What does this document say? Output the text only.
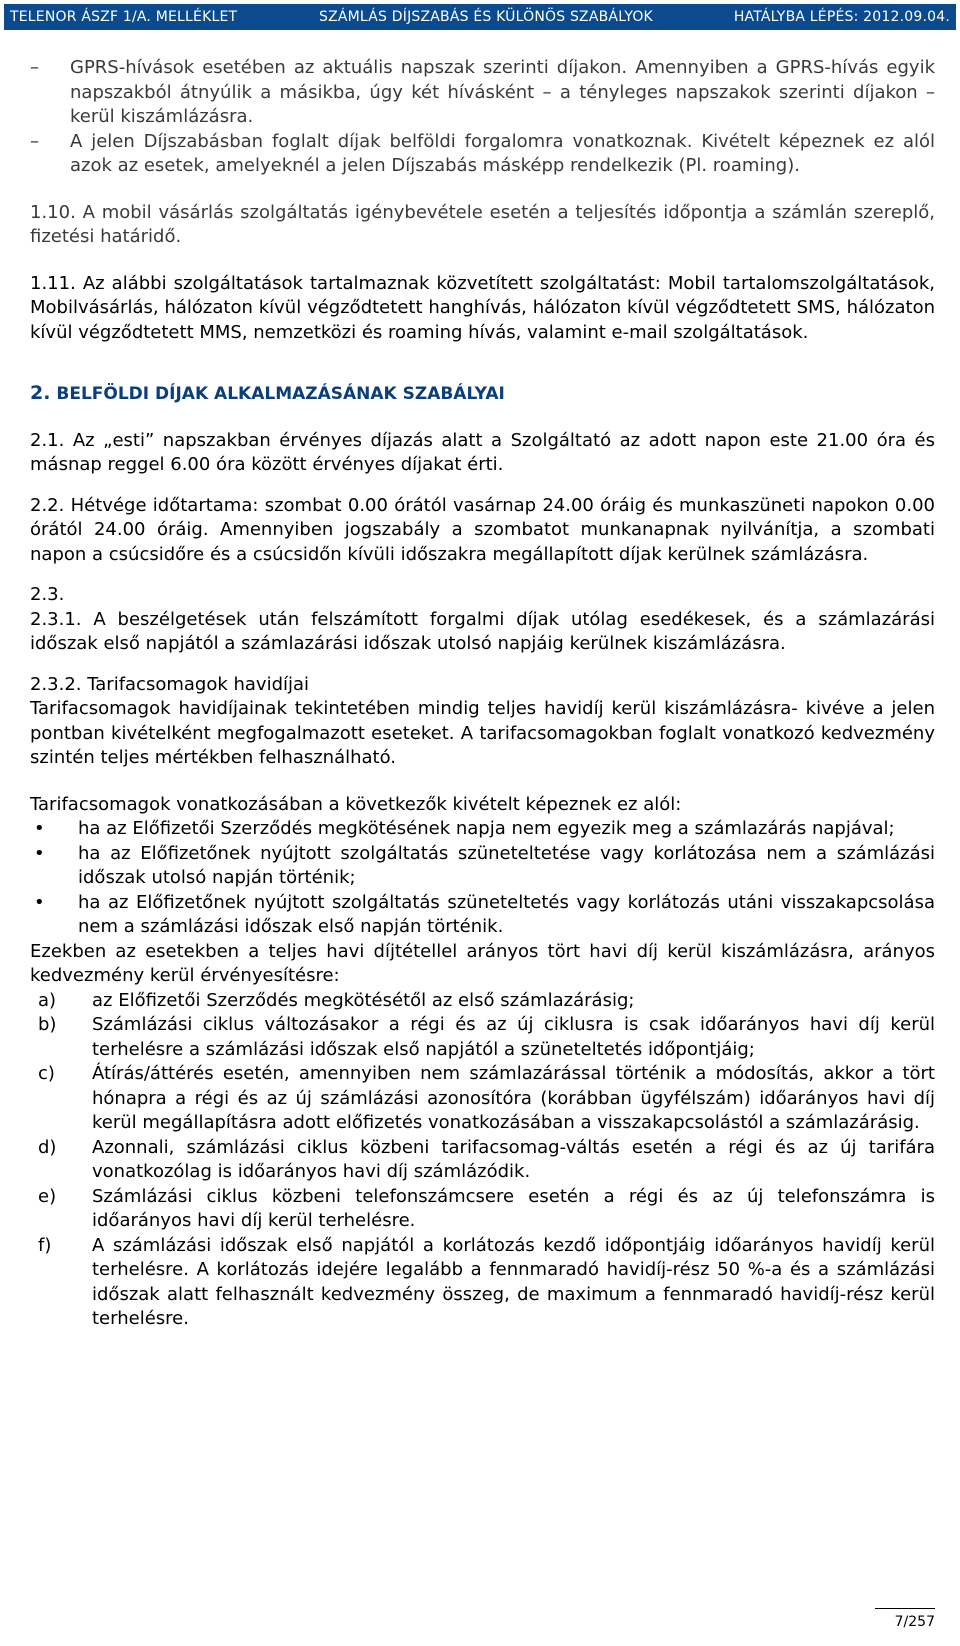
TELENOR ÁSZF 1/A. MELLÉKLET	SZÁMLÁS DÍJSZABÁS ÉS KÜLÖNÖS SZABÁLYOK	HATÁLYBA LÉPÉS: 2012.09.04.
– GPRS-hívások esetében az aktuális napszak szerinti díjakon. Amennyiben a GPRS-hívás egyik napszakból átnyúlik a másikba, úgy két hívásként – a tényleges napszakok szerinti díjakon – kerül kiszámlázásra.
– A jelen Díjszabásban foglalt díjak belföldi forgalomra vonatkoznak. Kivételt képeznek ez alól azok az esetek, amelyeknél a jelen Díjszabás másképp rendelkezik (Pl. roaming).
1.10. A mobil vásárlás szolgáltatás igénybevétele esetén a teljesítés időpontja a számlán szereplő, fizetési határidő.
1.11. Az alábbi szolgáltatások tartalmaznak közvetített szolgáltatást: Mobil tartalomszolgáltatások, Mobilvásárlás, hálózaton kívül végződtetett hanghívás, hálózaton kívül végződtetett SMS, hálózaton kívül végződtetett MMS, nemzetközi és roaming hívás, valamint e-mail szolgáltatások.
2. BELFÖLDI DÍJAK ALKALMAZÁSÁNAK SZABÁLYAI
2.1. Az „esti” napszakban érvényes díjazás alatt a Szolgáltató az adott napon este 21.00 óra és másnap reggel 6.00 óra között érvényes díjakat érti.
2.2. Hétvége időtartama: szombat 0.00 órától vasárnap 24.00 óráig és munkaszüneti napokon 0.00 órától 24.00 óráig. Amennyiben jogszabály a szombatot munkanapnak nyilvánítja, a szombati napon a csúcsidőre és a csúcsidőn kívüli időszakra megállapított díjak kerülnek számlázásra.
2.3.
2.3.1. A beszélgetések után felszámított forgalmi díjak utólag esedékesek, és a számlazárási időszak első napjától a számlazárási időszak utolsó napjáig kerülnek kiszámlázásra.
2.3.2. Tarifacsomagok havidíjai
Tarifacsomagok havidíjainak tekintetében mindig teljes havidíj kerül kiszámlázásra- kivéve a jelen pontban kivételként megfogalmazott eseteket. A tarifacsomagokban foglalt vonatkozó kedvezmény szintén teljes mértékben felhasználható.
Tarifacsomagok vonatkozásában a következők kivételt képeznek ez alól:
• ha az Előfizetői Szerződés megkötésének napja nem egyezik meg a számlazárás napjával;
• ha az Előfizetőnek nyújtott szolgáltatás szüneteltetése vagy korlátozása nem a számlázási időszak utolsó napján történik;
• ha az Előfizetőnek nyújtott szolgáltatás szüneteltetés vagy korlátozás utáni visszakapcsolása nem a számlázási időszak első napján történik.
Ezekben az esetekben a teljes havi díjtétellel arányos tört havi díj kerül kiszámlázásra, arányos kedvezmény kerül érvényesítésre:
a) az Előfizetői Szerződés megkötésétől az első számlazárásig;
b) Számlázási ciklus változásakor a régi és az új ciklusra is csak időarányos havi díj kerül terhelésre a számlázási időszak első napjától a szüneteltetés időpontjáig;
c) Átírás/áttérés esetén, amennyiben nem számlazárással történik a módosítás, akkor a tört hónapra a régi és az új számlázási azonosítóra (korábban ügyfélszám) időarányos havi díj kerül megállapításra adott előfizetés vonatkozásában a visszakapcsolástól a számlazárásig.
d) Azonnali, számlázási ciklus közbeni tarifacsomag-váltás esetén a régi és az új tarifára vonatkozólag is időarányos havi díj számlázódik.
e) Számlázási ciklus közbeni telefonszámcsere esetén a régi és az új telefonszámra is időarányos havi díj kerül terhelésre.
f) A számlázási időszak első napjától a korlátozás kezdő időpontjáig időarányos havidíj kerül terhelésre. A korlátozás idejére legalább a fennmaradó havidíj-rész 50 %-a és a számlázási időszak alatt felhasznált kedvezmény összeg, de maximum a fennmaradó havidíj-rész kerül terhelésre.
7/257
